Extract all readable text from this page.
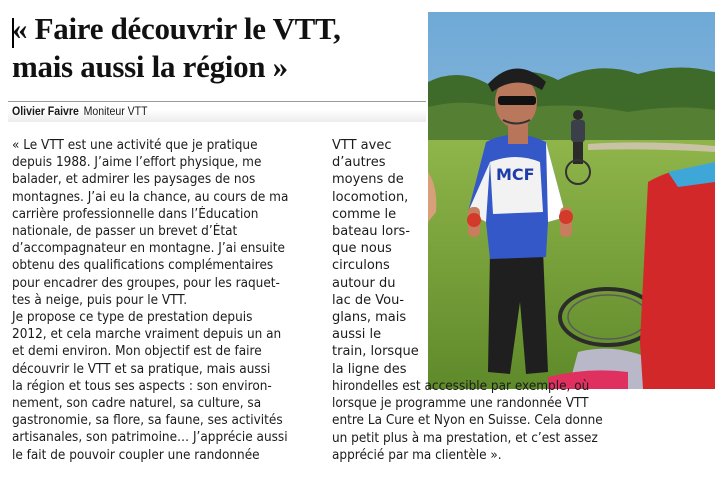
« Faire découvrir le VTT,
mais aussi la région »
Olivier Faivre Moniteur VTT
MCF
« Le VTT est une activité que je pratique
depuis 1988. J’aime l’effort physique, me
balader, et admirer les paysages de nos
montagnes. J’ai eu la chance, au cours de ma
carrière professionnelle dans l’Éducation
nationale, de passer un brevet d’État
d’accompagnateur en montagne. J’ai ensuite
obtenu des qualifications complémentaires
pour encadrer des groupes, pour les raquet-
tes à neige, puis pour le VTT.
Je propose ce type de prestation depuis
2012, et cela marche vraiment depuis un an
et demi environ. Mon objectif est de faire
découvrir le VTT et sa pratique, mais aussi
la région et tous ses aspects : son environ-
nement, son cadre naturel, sa culture, sa
gastronomie, sa flore, sa faune, ses activités
artisanales, son patrimoine… J’apprécie aussi
le fait de pouvoir coupler une randonnée
VTT avec
d’autres
moyens de
locomotion,
comme le
bateau lors-
que nous
circulons
autour du
lac de Vou-
glans, mais
aussi le
train, lorsque
la ligne des
hirondelles est accessible par exemple, où
lorsque je programme une randonnée VTT
entre La Cure et Nyon en Suisse. Cela donne
un petit plus à ma prestation, et c’est assez
apprécié par ma clientèle ».
